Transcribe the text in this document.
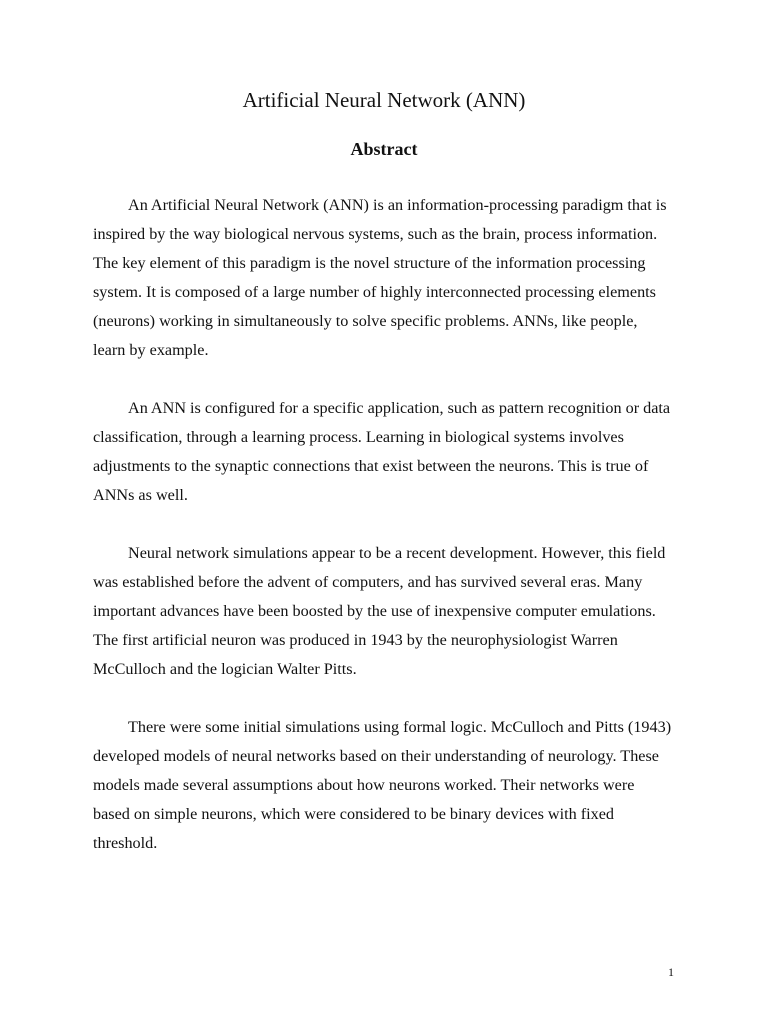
Artificial Neural Network (ANN)
Abstract

An Artificial Neural Network (ANN) is an information-processing paradigm that is inspired by the way biological nervous systems, such as the brain, process information. The key element of this paradigm is the novel structure of the information processing system. It is composed of a large number of highly interconnected processing elements (neurons) working in simultaneously to solve specific problems. ANNs, like people, learn by example.

An ANN is configured for a specific application, such as pattern recognition or data classification, through a learning process. Learning in biological systems involves adjustments to the synaptic connections that exist between the neurons. This is true of ANNs as well.

Neural network simulations appear to be a recent development. However, this field was established before the advent of computers, and has survived several eras. Many important advances have been boosted by the use of inexpensive computer emulations. The first artificial neuron was produced in 1943 by the neurophysiologist Warren McCulloch and the logician Walter Pitts.

There were some initial simulations using formal logic. McCulloch and Pitts (1943) developed models of neural networks based on their understanding of neurology. These models made several assumptions about how neurons worked. Their networks were based on simple neurons, which were considered to be binary devices with fixed threshold.

1
